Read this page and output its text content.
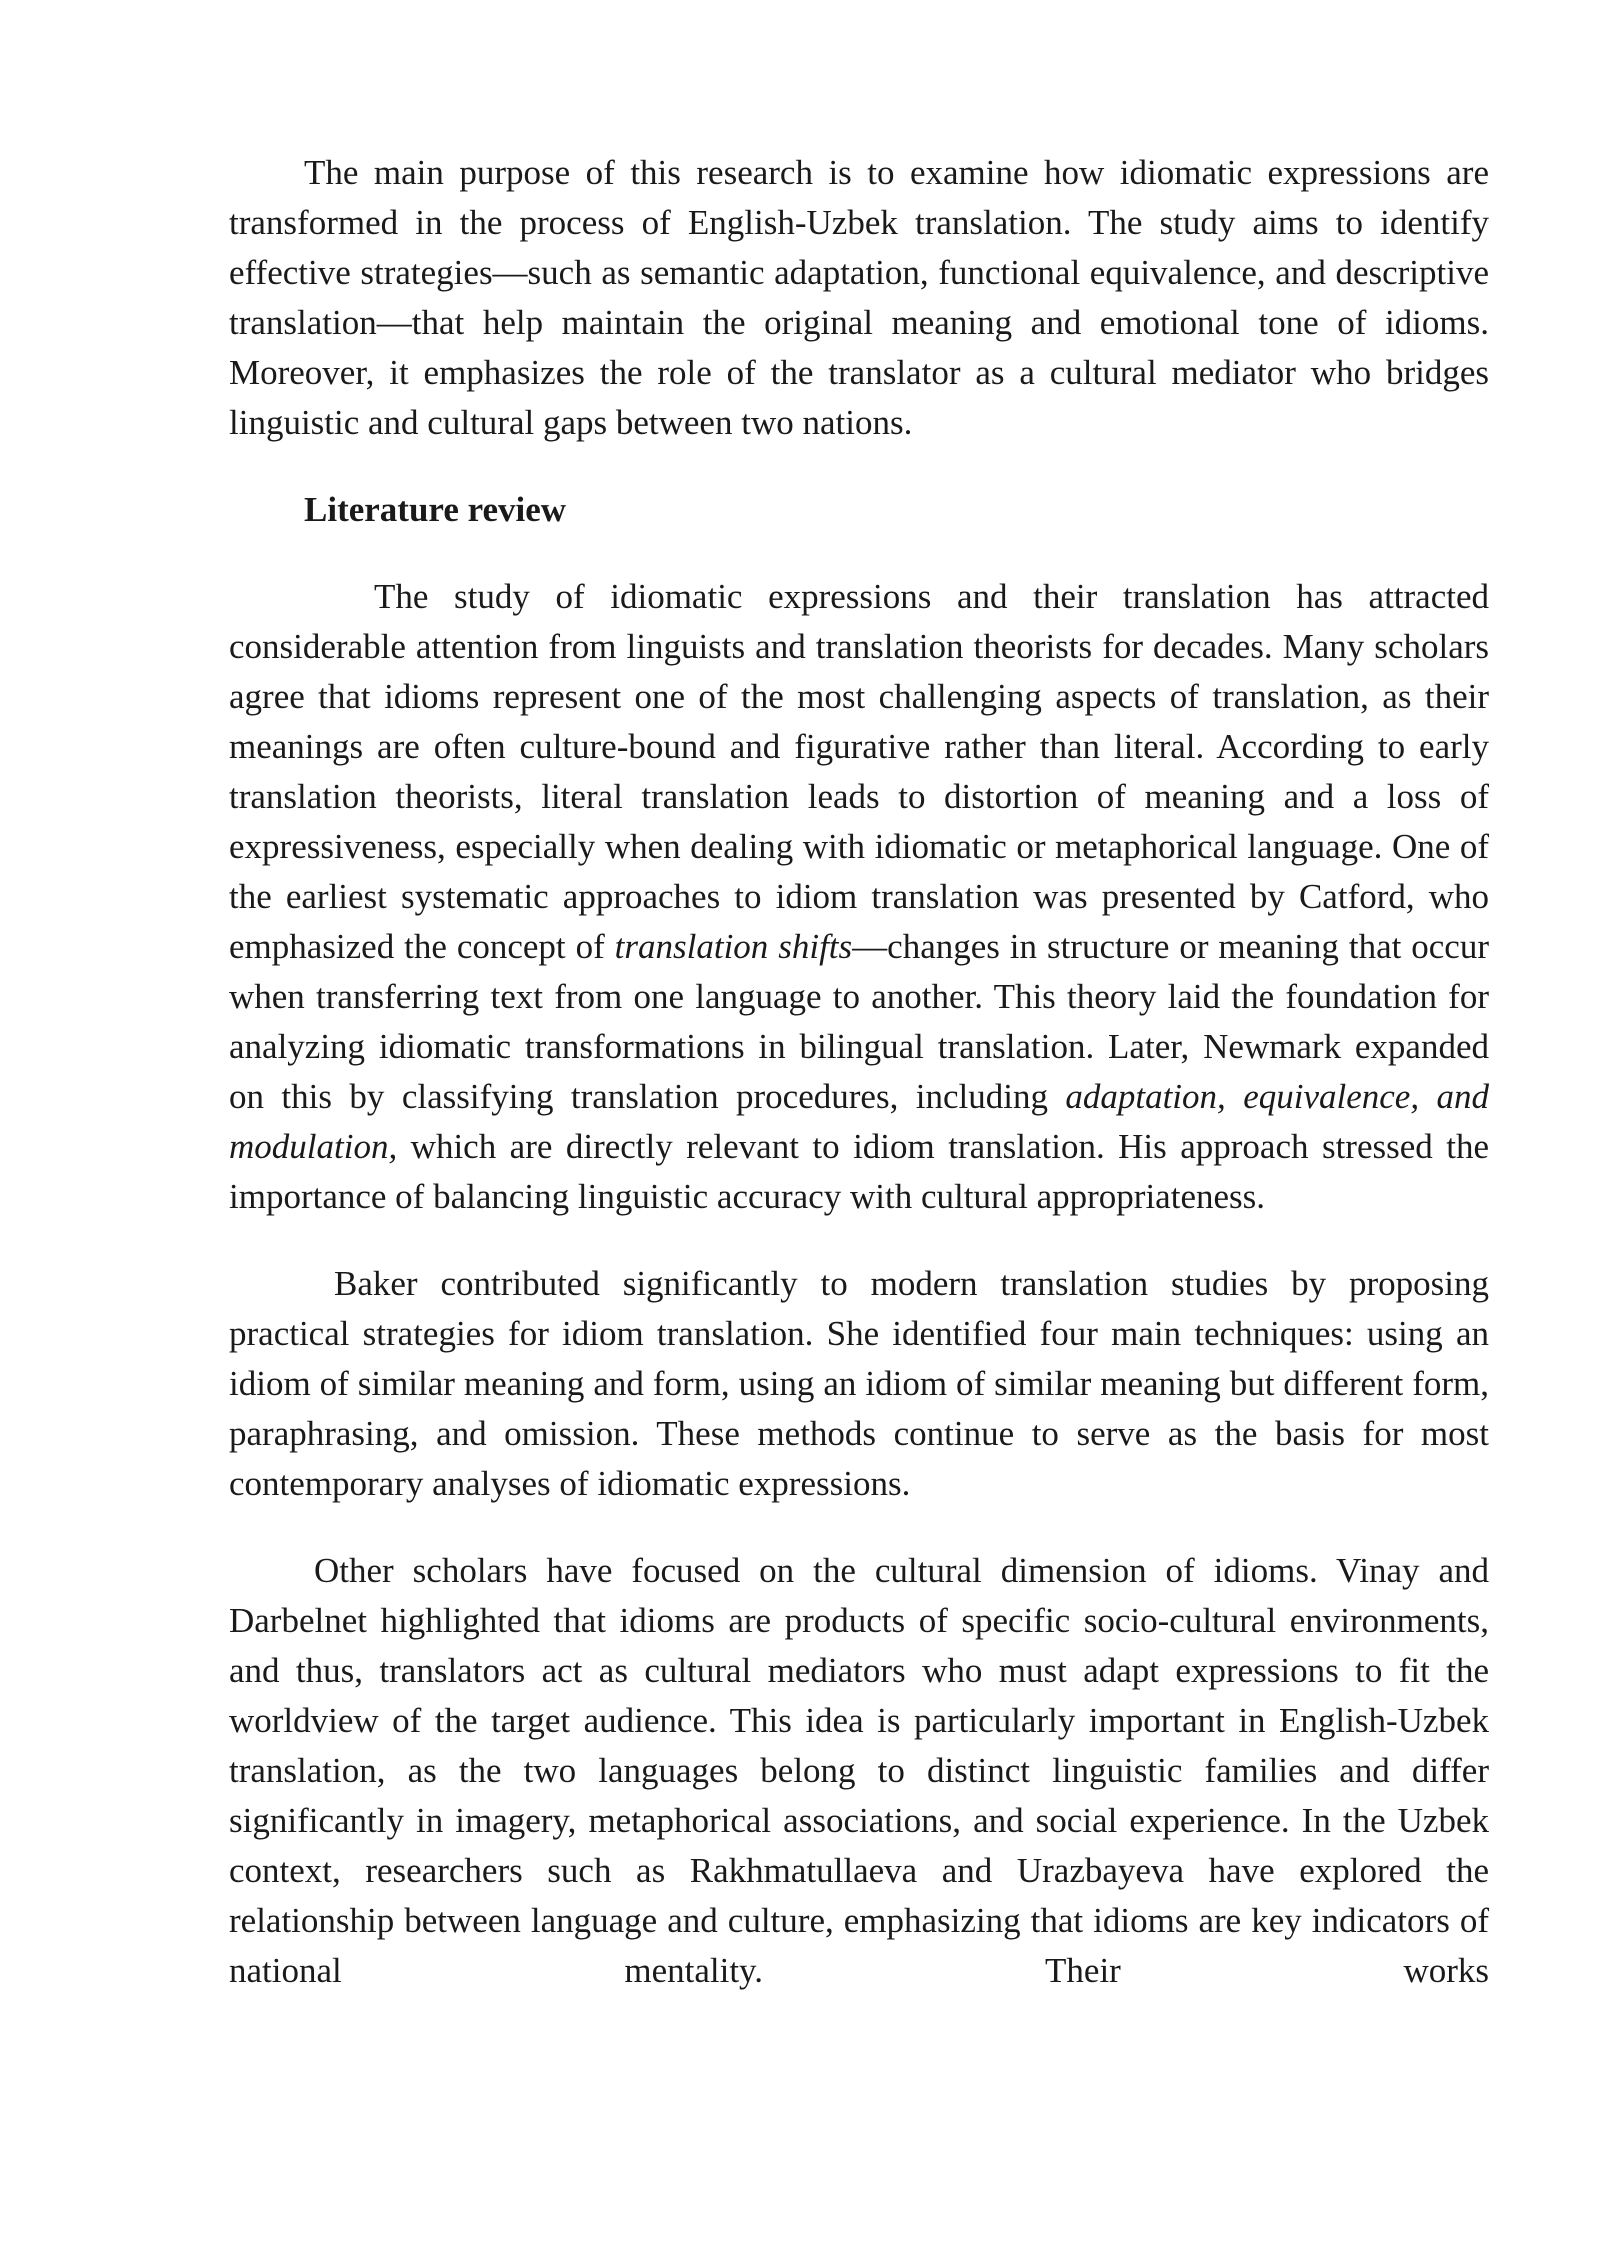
The main purpose of this research is to examine how idiomatic expressions are transformed in the process of English-Uzbek translation. The study aims to identify effective strategies—such as semantic adaptation, functional equivalence, and descriptive translation—that help maintain the original meaning and emotional tone of idioms. Moreover, it emphasizes the role of the translator as a cultural mediator who bridges linguistic and cultural gaps between two nations.

Literature review

The study of idiomatic expressions and their translation has attracted considerable attention from linguists and translation theorists for decades. Many scholars agree that idioms represent one of the most challenging aspects of translation, as their meanings are often culture-bound and figurative rather than literal. According to early translation theorists, literal translation leads to distortion of meaning and a loss of expressiveness, especially when dealing with idiomatic or metaphorical language. One of the earliest systematic approaches to idiom translation was presented by Catford, who emphasized the concept of translation shifts—changes in structure or meaning that occur when transferring text from one language to another. This theory laid the foundation for analyzing idiomatic transformations in bilingual translation. Later, Newmark expanded on this by classifying translation procedures, including adaptation, equivalence, and modulation, which are directly relevant to idiom translation. His approach stressed the importance of balancing linguistic accuracy with cultural appropriateness.

Baker contributed significantly to modern translation studies by proposing practical strategies for idiom translation. She identified four main techniques: using an idiom of similar meaning and form, using an idiom of similar meaning but different form, paraphrasing, and omission. These methods continue to serve as the basis for most contemporary analyses of idiomatic expressions.

Other scholars have focused on the cultural dimension of idioms. Vinay and Darbelnet highlighted that idioms are products of specific socio-cultural environments, and thus, translators act as cultural mediators who must adapt expressions to fit the worldview of the target audience. This idea is particularly important in English-Uzbek translation, as the two languages belong to distinct linguistic families and differ significantly in imagery, metaphorical associations, and social experience. In the Uzbek context, researchers such as Rakhmatullaeva and Urazbayeva have explored the relationship between language and culture, emphasizing that idioms are key indicators of national mentality. Their works
